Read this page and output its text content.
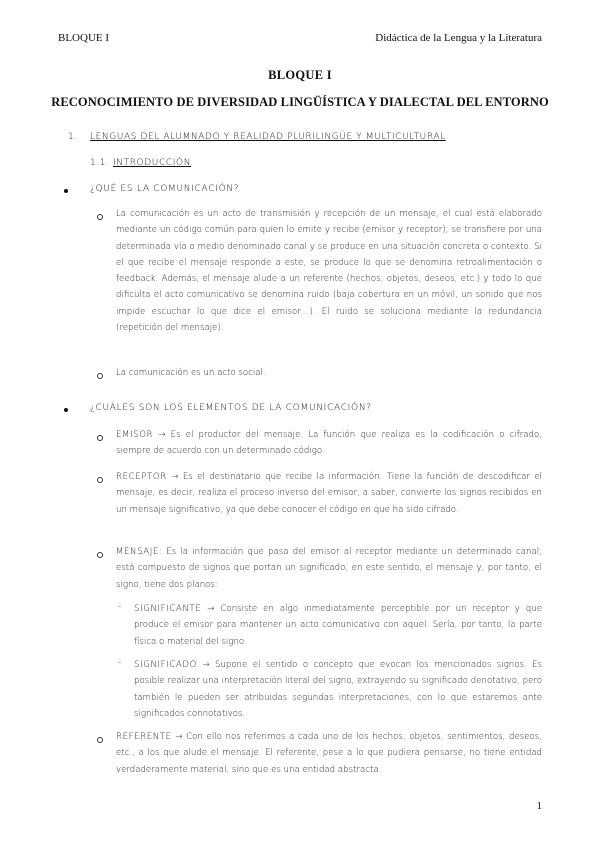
BLOQUE I	Didáctica de la Lengua y la Literatura
BLOQUE I
RECONOCIMIENTO DE DIVERSIDAD LINGÜÍSTICA Y DIALECTAL DEL ENTORNO
1. LENGUAS DEL ALUMNADO Y REALIDAD PLURILINGÜE Y MULTICULTURAL
1.1. INTRODUCCIÓN
¿QUÉ ES LA COMUNICACIÓN?
La comunicación es un acto de transmisión y recepción de un mensaje, el cual está elaborado mediante un código común para quien lo emite y recibe (emisor y receptor); se transfiere por una determinada vía o medio denominado canal y se produce en una situación concreta o contexto. Si el que recibe el mensaje responde a este, se produce lo que se denomina retroalimentación o feedback. Además, el mensaje alude a un referente (hechos, objetos, deseos, etc.) y todo lo que dificulta el acto comunicativo se denomina ruido (baja cobertura en un móvil, un sonido que nos impide escuchar lo que dice el emisor…). El ruido se soluciona mediante la redundancia (repetición del mensaje).
La comunicación es un acto social.
¿CUÁLES SON LOS ELEMENTOS DE LA COMUNICACIÓN?
EMISOR → Es el productor del mensaje. La función que realiza es la codificación o cifrado, siempre de acuerdo con un determinado código.
RECEPTOR → Es el destinatario que recibe la información. Tiene la función de descodificar el mensaje, es decir, realiza el proceso inverso del emisor, a saber, convierte los signos recibidos en un mensaje significativo, ya que debe conocer el código en que ha sido cifrado.
MENSAJE: Es la información que pasa del emisor al receptor mediante un determinado canal; está compuesto de signos que portan un significado; en este sentido, el mensaje y, por tanto, el signo, tiene dos planos:
- SIGNIFICANTE → Consiste en algo inmediatamente perceptible por un receptor y que produce el emisor para mantener un acto comunicativo con aquel. Sería, por tanto, la parte física o material del signo.
- SIGNIFICADO → Supone el sentido o concepto que evocan los mencionados signos. Es posible realizar una interpretación literal del signo, extrayendo su significado denotativo, pero también le pueden ser atribuidas segundas interpretaciones, con lo que estaremos ante significados connotativos.
REFERENTE → Con ello nos referimos a cada uno de los hechos, objetos, sentimientos, deseos, etc., a los que alude el mensaje. El referente, pese a lo que pudiera pensarse, no tiene entidad verdaderamente material, sino que es una entidad abstracta.
1
